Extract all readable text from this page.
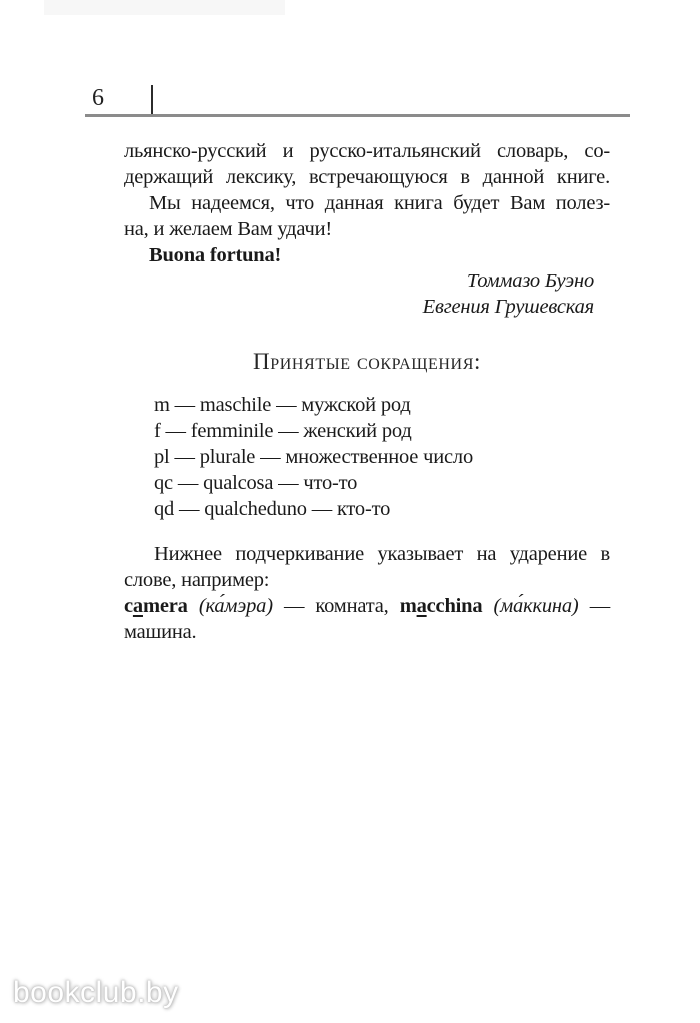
6
льянско-русский и русско-итальянский словарь, со-
держащий лексику, встречающуюся в данной книге.
Мы надеемся, что данная книга будет Вам полез-
на, и желаем Вам удачи!
Buona fortuna!
Томмазо Буэно
Евгения Грушевская
Принятые сокращения:
m — maschile — мужской род
f — femminile — женский род
pl — plurale — множественное число
qc — qualcosa — что-то
qd — qualcheduno — кто-то
Нижнее подчеркивание указывает на ударение в
слове, например:
camera (ка́мэра) — комната, macchina (ма́ккина) —
машина.
bookclub.by
